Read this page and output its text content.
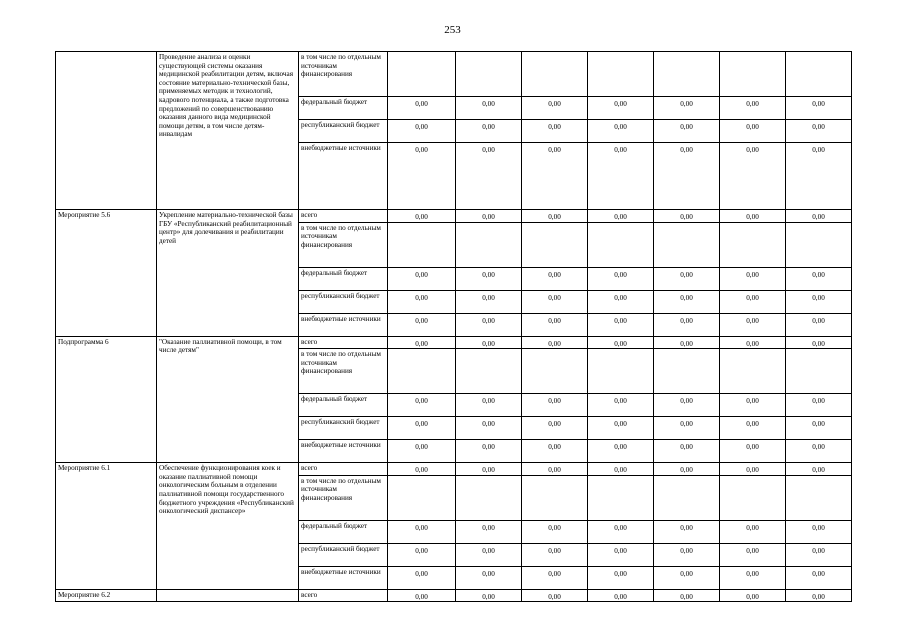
253
	Проведение анализа и оценки существующей системы оказания медицинской реабилитации детям, включая состояние материально-технической базы, применяемых методик и технологий, кадрового потенциала, а также подготовка предложений по совершенствованию оказания данного вида медицинской помощи детям, в том числе детям-инвалидам	в том числе по отдельным источникам финансирования							
		федеральный бюджет	0,00	0,00	0,00	0,00	0,00	0,00	0,00
		республиканский бюджет	0,00	0,00	0,00	0,00	0,00	0,00	0,00
		внебюджетные источники	0,00	0,00	0,00	0,00	0,00	0,00	0,00
Мероприятие 5.6	Укрепление материально-технической базы ГБУ «Республиканский реабилитационный центр» для долечивания и реабилитации детей	всего	0,00	0,00	0,00	0,00	0,00	0,00	0,00
		в том числе по отдельным источникам финансирования							
		федеральный бюджет	0,00	0,00	0,00	0,00	0,00	0,00	0,00
		республиканский бюджет	0,00	0,00	0,00	0,00	0,00	0,00	0,00
		внебюджетные источники	0,00	0,00	0,00	0,00	0,00	0,00	0,00
Подпрограмма 6	"Оказание паллиативной помощи, в том числе детям"	всего	0,00	0,00	0,00	0,00	0,00	0,00	0,00
		в том числе по отдельным источникам финансирования							
		федеральный бюджет	0,00	0,00	0,00	0,00	0,00	0,00	0,00
		республиканский бюджет	0,00	0,00	0,00	0,00	0,00	0,00	0,00
		внебюджетные источники	0,00	0,00	0,00	0,00	0,00	0,00	0,00
Мероприятие 6.1	Обеспечение функционирования коек и оказание паллиативной помощи онкологическим больным в отделении паллиативной помощи государственного бюджетного учреждения «Республиканский онкологический диспансер»	всего	0,00	0,00	0,00	0,00	0,00	0,00	0,00
		в том числе по отдельным источникам финансирования							
		федеральный бюджет	0,00	0,00	0,00	0,00	0,00	0,00	0,00
		республиканский бюджет	0,00	0,00	0,00	0,00	0,00	0,00	0,00
		внебюджетные источники	0,00	0,00	0,00	0,00	0,00	0,00	0,00
Мероприятие 6.2		всего	0,00	0,00	0,00	0,00	0,00	0,00	0,00
